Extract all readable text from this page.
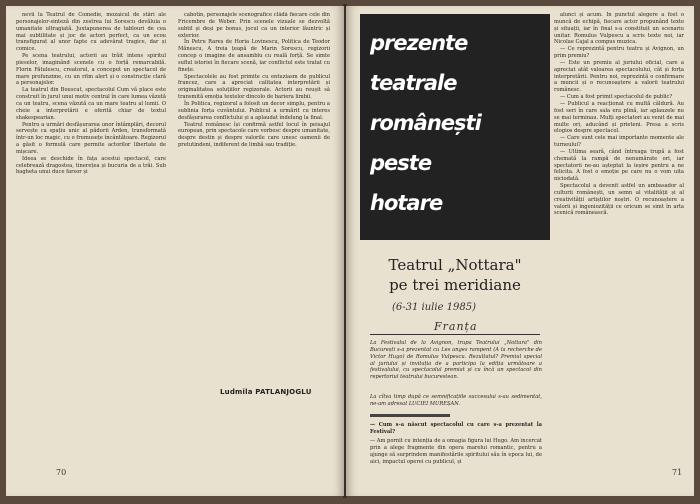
nevii la Teatrul de Comedie, mozaicul de stări ale personajelor-sinteză din zestrea lui Sorescu devăluia o umanitate ultragiată. Juxtapunerea de tablouri de cea mai subtilitate și joc de actori perfect, ca un ecou transfigurat al unor fapte cu adevărat tragice, dar și comice.

Pe scena teatrului, actorii au trăit intens spiritul pieselor, imaginând scenele cu o forță remarcabilă. Florin Fătulescu, creatorul, a conceput un spectacol de mare profunzime, cu un ritm alert și o construcție clară a personajelor.

La teatrul din Bouscat, spectacolul Cum vă place este construit în jurul unui motiv central în care lumea văzută ca un teatru, scena văzută ca un mare teatru al lumii. O cheie a interpretării e oferită chiar de textul shakespearian.

Pentru a urmări desfășurarea unor întâmplări, decorul servește ca spațiu unic al pădurii Arden, transformată într-un loc magic, cu o frumusețe încântătoare. Regizorul a găsit o formulă care permite actorilor libertate de mișcare.

Ideea se deschide în fața acestui spectacol, care celebrează dragostea, tinerețea și bucuria de a trăi. Sub bagheta unui duce farsor și

cabotin, personajele scenografice clădă fiecare cele din Fricembre de Weber. Prin scenele vizuale se dezvoltă subtil și deși pe bonus, jocul ca un interior lăuntric și exterior.

În Petru Rareș de Horia Lovinescu, Politica de Teodor Mănescu, A treia țeapă de Marin Sorescu, regizorii concep o imagine de ansamblu cu reală forță. Se simte suflul istoriei în fiecare scenă, iar conflictul este tratat cu finețe.

Spectacolele au fost primite cu entuziasm de publicul francez, care a apreciat calitatea interpretării și originalitatea soluțiilor regizorale. Actorii au reușit să transmită emoția textelor dincolo de bariera limbii.

În Politica, regizorul a folosit un decor simplu, pentru a sublinia forța cuvântului. Publicul a urmărit cu interes desfășurarea conflictului și a aplaudat îndelung la final.

Teatrul românesc își confirmă astfel locul în peisajul european, prin spectacole care vorbesc despre umanitate, despre destin și despre valorile care unesc oamenii de pretutindeni, indiferent de limbă sau tradiție.

Ludmila PATLANJOGLU
70
prezente
teatrale
românești
peste
hotare
Teatrul „Nottara"
pe trei meridiane
(6-31 iulie 1985)
Franța
La Festivalul de la Avignon, trupa Teatrului „Nottara" din București s-a prezentat cu Les anges rampent (A la recherche de Victor Hugo) de Romulus Vulpescu. Rezultatul? Premiul special al juriului și invitația de a participa la ediția următoare a festivalului, cu spectacolul premiat și cu încă un spectacol din repertoriul teatrului bucurestean.
La cîtva timp după ce semnificațiile succesului s-au sedimentat, ne-am adresat LUCIEI MUREȘAN.
— Cum s-a născut spectacolul cu care s-a prezentat la Festival?
— Am pornit cu intenția de a omagia figura lui Hugo. Am încercat prin a alege fragmente din opera marelui romantic, pentru a ajunge să surprindem manifestările spiritului său în epoca lui, de aici, impactul operei cu publicul, și

alunci și acum. În punctul alegere a fost o muncă de echipă, fiecare actor propunând texte și situații, iar în final s-a constituit un scenariu unitar. Romulus Vulpescu a scris texte noi, iar Nicolae Cajal a compus muzica.

— Ce reprezintă pentru teatru și Avignon, un prim premiu?

— Este un premiu al juriului oficial, care a apreciat atât valoarea spectacolului, cât și forța interpretării. Pentru noi, reprezintă o confirmare a muncii și o recunoaștere a valorii teatrului românesc.

— Cum a fost primit spectacolul de public?

— Publicul a reacționat cu multă căldură. Au fost seri în care sala era plină, iar aplauzele nu se mai terminau. Mulți spectatori au venit de mai multe ori, aducând și prieteni. Presa a scris elogios despre spectacol.

— Care sunt cele mai importante momente ale turneului?

— Ultima seară, când întreaga trupă a fost chemată la rampă de nenumărate ori, iar spectatorii ne-au așteptat la ieșire pentru a ne felicita. A fost o emoție pe care nu o vom uita niciodată.

Spectacolul a devenit astfel un ambasador al culturii românești, un semn al vitalității și al creativității artiștilor noștri. O recunoaștere a valorii și ingeniozității ce oricum se simt în arta scenică românească.

71
